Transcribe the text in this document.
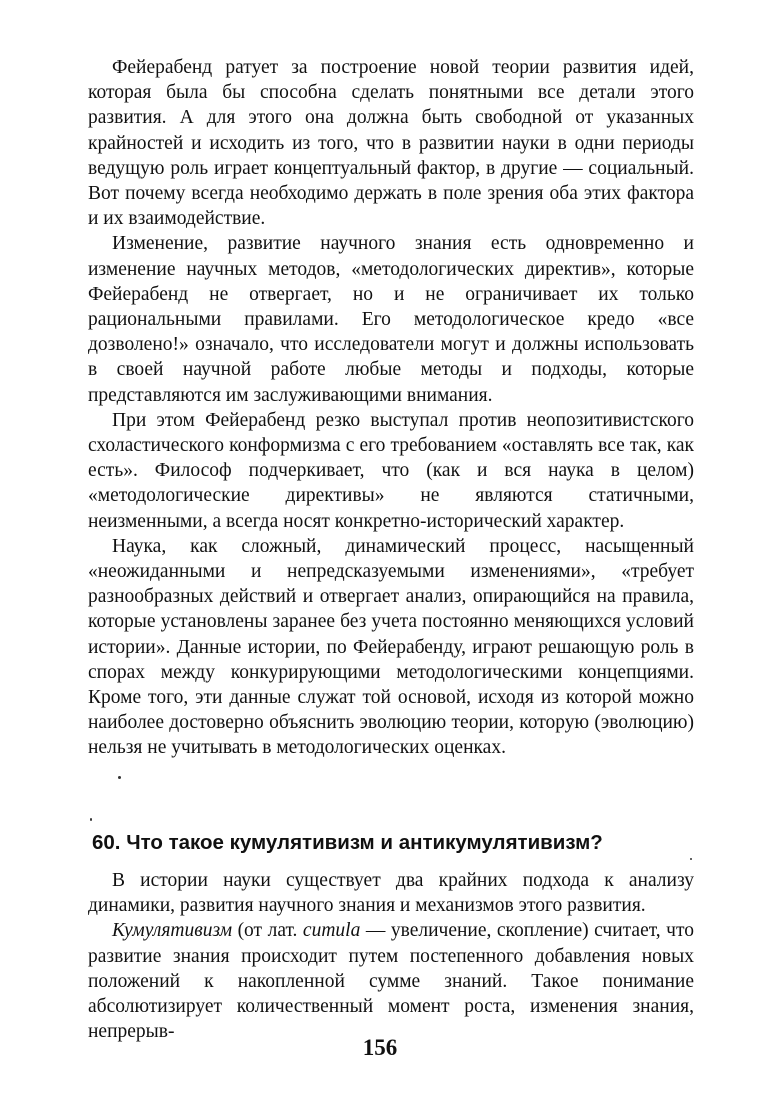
Фейерабенд ратует за построение новой теории развития идей, которая была бы способна сделать понятными все детали этого развития. А для этого она должна быть свободной от указанных крайностей и исходить из того, что в развитии науки в одни периоды ведущую роль играет концептуальный фактор, в другие — социальный. Вот почему всегда необходимо держать в поле зрения оба этих фактора и их взаимодействие.

Изменение, развитие научного знания есть одновременно и изменение научных методов, «методологических директив», которые Фейерабенд не отвергает, но и не ограничивает их только рациональными правилами. Его методологическое кредо «все дозволено!» означало, что исследователи могут и должны использовать в своей научной работе любые методы и подходы, которые представляются им заслуживающими внимания.

При этом Фейерабенд резко выступал против неопозитивистского схоластического конформизма с его требованием «оставлять все так, как есть». Философ подчеркивает, что (как и вся наука в целом) «методологические директивы» не являются статичными, неизменными, а всегда носят конкретно-исторический характер.

Наука, как сложный, динамический процесс, насыщенный «неожиданными и непредсказуемыми изменениями», «требует разнообразных действий и отвергает анализ, опирающийся на правила, которые установлены заранее без учета постоянно меняющихся условий истории». Данные истории, по Фейерабенду, играют решающую роль в спорах между конкурирующими методологическими концепциями. Кроме того, эти данные служат той основой, исходя из которой можно наиболее достоверно объяснить эволюцию теории, которую (эволюцию) нельзя не учитывать в методологических оценках.

60. Что такое кумулятивизм и антикумулятивизм?

В истории науки существует два крайних подхода к анализу динамики, развития научного знания и механизмов этого развития.

Кумулятивизм (от лат. cumula — увеличение, скопление) считает, что развитие знания происходит путем постепенного добавления новых положений к накопленной сумме знаний. Такое понимание абсолютизирует количественный момент роста, изменения знания, непрерыв-

156
